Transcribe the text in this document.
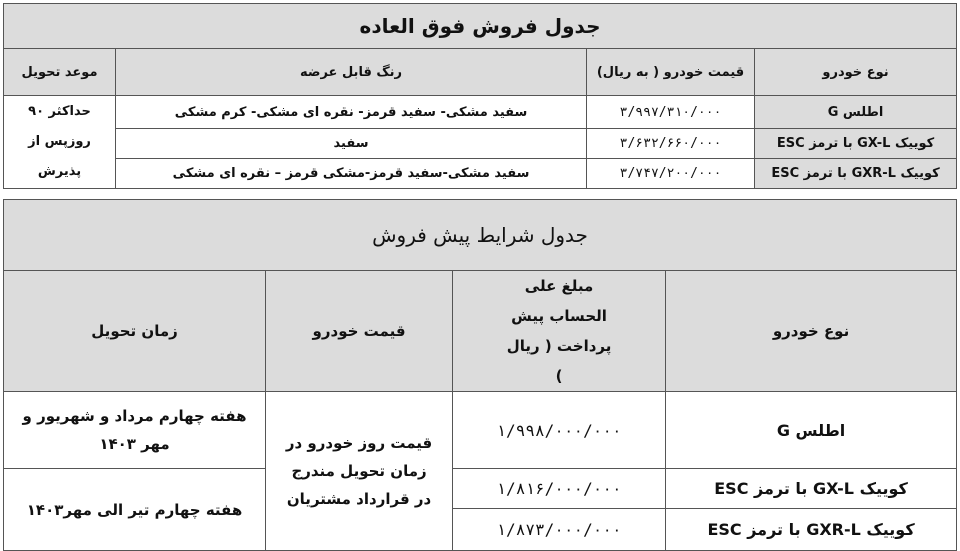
جدول فروش فوق العاده			
نوع خودرو	قیمت خودرو ( به ریال)	رنگ قابل عرضه	موعد تحویل
اطلس G	۳/۹۹۷/۳۱۰/۰۰۰	سفید مشکی- سفید قرمز- نقره ای مشکی- کرم مشکی	حداکثر ۹۰ روزپس از پذیرش
کوییک GX-L با ترمز ESC	۳/۶۳۲/۶۶۰/۰۰۰	سفید	
کوییک GXR-L با ترمز ESC	۳/۷۴۷/۲۰۰/۰۰۰	سفید مشکی-سفید قرمز-مشکی قرمز – نقره ای مشکی	
جدول شرایط پیش فروش			
نوع خودرو	مبلغ علی الحساب پیش پرداخت ( ریال )	قیمت خودرو	زمان تحویل
اطلس G	۱/۹۹۸/۰۰۰/۰۰۰	قیمت روز خودرو در زمان تحویل مندرج در قرارداد مشتریان	هفته چهارم مرداد و شهریور و مهر ۱۴۰۳
کوییک GX-L با ترمز ESC	۱/۸۱۶/۰۰۰/۰۰۰		هفته چهارم تیر الی مهر۱۴۰۳
کوییک GXR-L با ترمز ESC	۱/۸۷۳/۰۰۰/۰۰۰		
